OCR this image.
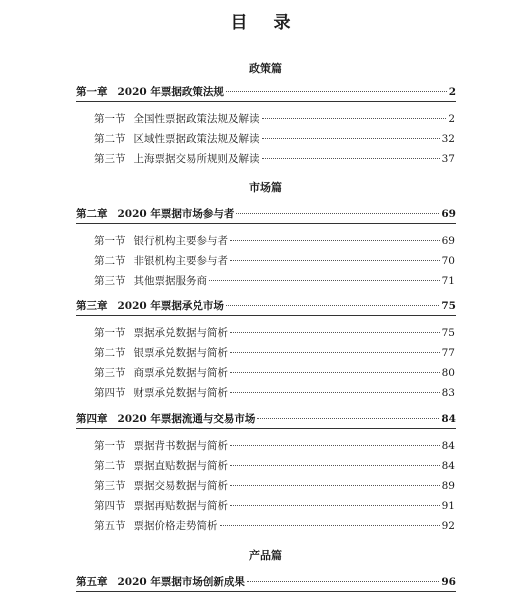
目 录
政策篇
第一章 2020 年票据政策法规	2
第一节 全国性票据政策法规及解读	2
第二节 区域性票据政策法规及解读	32
第三节 上海票据交易所规则及解读	37
市场篇
第二章 2020 年票据市场参与者	69
第一节 银行机构主要参与者	69
第二节 非银机构主要参与者	70
第三节 其他票据服务商	71
第三章 2020 年票据承兑市场	75
第一节 票据承兑数据与简析	75
第二节 银票承兑数据与简析	77
第三节 商票承兑数据与简析	80
第四节 财票承兑数据与简析	83
第四章 2020 年票据流通与交易市场	84
第一节 票据背书数据与简析	84
第二节 票据直贴数据与简析	84
第三节 票据交易数据与简析	89
第四节 票据再贴数据与简析	91
第五节 票据价格走势简析	92
产品篇
第五章 2020 年票据市场创新成果	96
